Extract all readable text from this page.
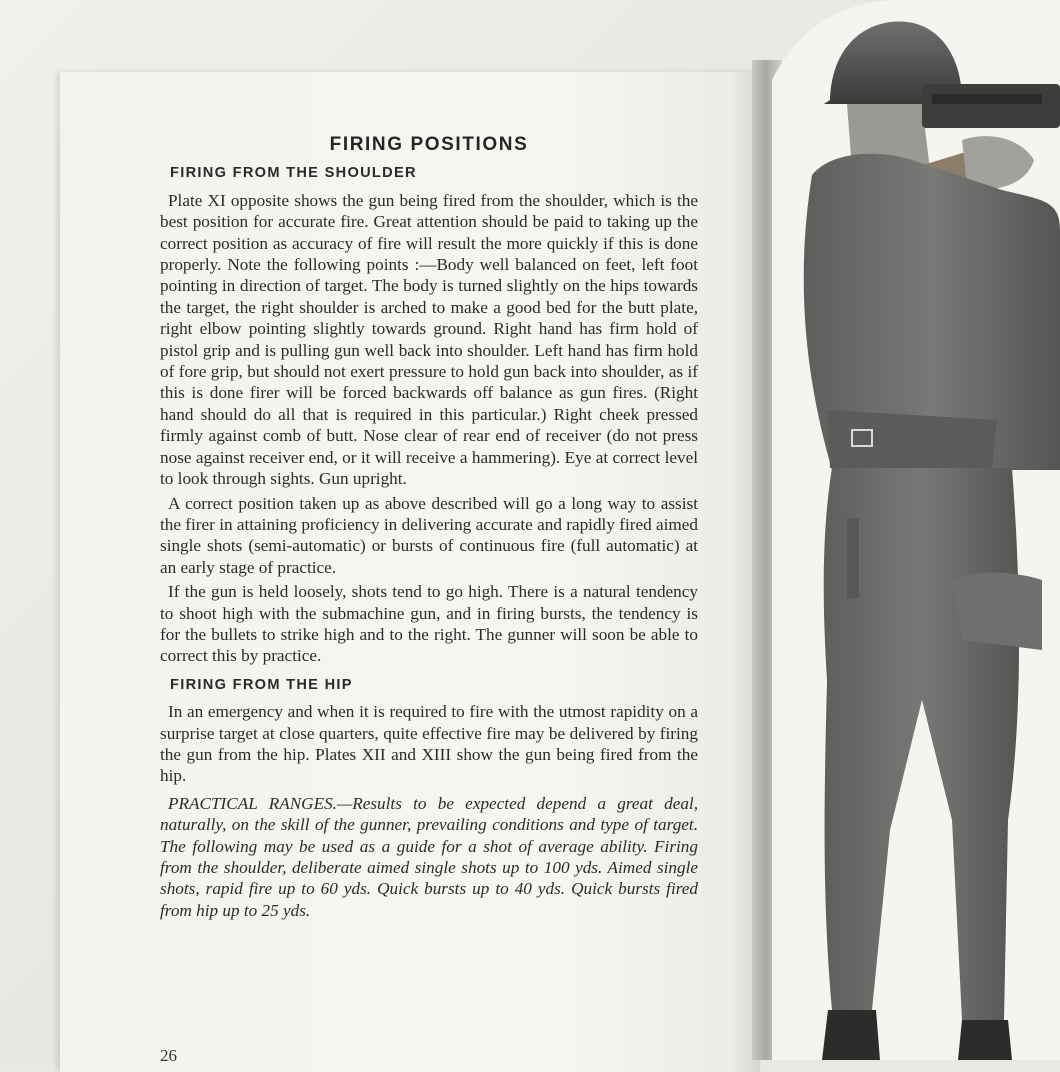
FIRING POSITIONS
FIRING FROM THE SHOULDER

Plate XI opposite shows the gun being fired from the shoulder, which is the best position for accurate fire. Great attention should be paid to taking up the correct position as accuracy of fire will result the more quickly if this is done properly. Note the following points :—Body well balanced on feet, left foot pointing in direction of target. The body is turned slightly on the hips towards the target, the right shoulder is arched to make a good bed for the butt plate, right elbow pointing slightly towards ground. Right hand has firm hold of pistol grip and is pulling gun well back into shoulder. Left hand has firm hold of fore grip, but should not exert pressure to hold gun back into shoulder, as if this is done firer will be forced backwards off balance as gun fires. (Right hand should do all that is required in this particular.) Right cheek pressed firmly against comb of butt. Nose clear of rear end of receiver (do not press nose against receiver end, or it will receive a hammering). Eye at correct level to look through sights. Gun upright.

A correct position taken up as above described will go a long way to assist the firer in attaining proficiency in delivering accurate and rapidly fired aimed single shots (semi-automatic) or bursts of continuous fire (full automatic) at an early stage of practice.

If the gun is held loosely, shots tend to go high. There is a natural tendency to shoot high with the submachine gun, and in firing bursts, the tendency is for the bullets to strike high and to the right. The gunner will soon be able to correct this by practice.

FIRING FROM THE HIP

In an emergency and when it is required to fire with the utmost rapidity on a surprise target at close quarters, quite effective fire may be delivered by firing the gun from the hip. Plates XII and XIII show the gun being fired from the hip.

PRACTICAL RANGES.—Results to be expected depend a great deal, naturally, on the skill of the gunner, prevailing conditions and type of target. The following may be used as a guide for a shot of average ability. Firing from the shoulder, deliberate aimed single shots up to 100 yds. Aimed single shots, rapid fire up to 60 yds. Quick bursts up to 40 yds. Quick bursts fired from hip up to 25 yds.

26
